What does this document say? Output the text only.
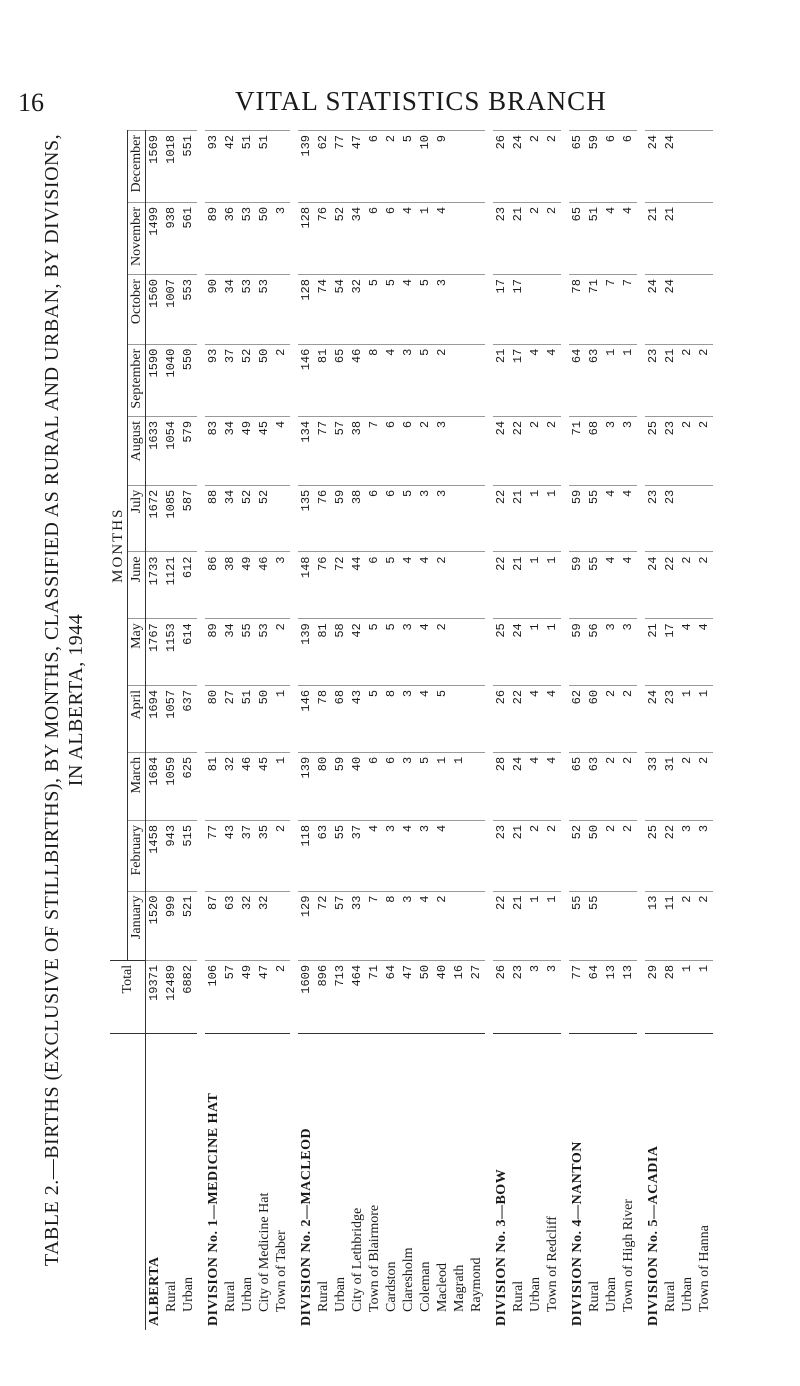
16	VITAL STATISTICS BRANCH
TABLE 2.—BIRTHS (EXCLUSIVE OF STILLBIRTHS), BY MONTHS, CLASSIFIED AS RURAL AND URBAN, BY DIVISIONS, IN ALBERTA, 1944
	Total	MONTHS											
		January	February	March	April	May	June	July	August	September	October	November	December
ALBERTA	19371	1520	1458	1684	1694	1767	1733	1672	1633	1590	1560	1499	1569
Rural	12489	999	943	1059	1057	1153	1121	1085	1054	1040	1007	938	1018
Urban	6882	521	515	625	637	614	612	587	579	550	553	561	551

DIVISION No. 1—MEDICINE HAT	106	87	77	81	80	89	86	88	83	93	90	89	93
Rural	57	63	43	32	27	34	38	34	34	37	34	36	42
Urban	49	32	37	46	51	55	49	52	49	52	53	53	51
City of Medicine Hat	47	32	35	45	50	53	46	52	45	50	53	50	51
Town of Taber	2		2	1	1	2	3		4	2		3	

DIVISION No. 2—MACLEOD	1609	129	118	139	146	139	148	135	134	146	128	128	139
Rural	896	72	63	80	78	81	76	76	77	81	74	76	62
Urban	713	57	55	59	68	58	72	59	57	65	54	52	77
City of Lethbridge	464	33	37	40	43	42	44	38	38	46	32	34	47
Town of Blairmore	71	7	4	6	5	5	6	6	7	8	5	6	6
Cardston	64	8	3	6	8	5	5	6	6	4	5	6	2
Claresholm	47	3	4	3	3	3	4	5	6	3	4	4	5
Coleman	50	4	3	5	4	4	4	3	2	5	5	1	10
Macleod	40	2	4	1	5	2	2	3	3	2	3	4	9
Magrath	16			1									
Raymond	27												

DIVISION No. 3—BOW	26	22	23	28	26	25	22	22	24	21	17	23	26
Rural	23	21	21	24	22	24	21	21	22	17	17	21	24
Urban	3	1	2	4	4	1	1	1	2	4		2	2
Town of Redcliff	3	1	2	4	4	1	1	1	2	4		2	2

DIVISION No. 4—NANTON	77	55	52	65	62	59	59	59	71	64	78	65	65
Rural	64	55	50	63	60	56	55	55	68	63	71	51	59
Urban	13		2	2	2	3	4	4	3	1	7	4	6
Town of High River	13		2	2	2	3	4	4	3	1	7	4	6

DIVISION No. 5—ACADIA	29	13	25	33	24	21	24	23	25	23	24	21	24
Rural	28	11	22	31	23	17	22	23	23	21	24	21	24
Urban	1	2	3	2	1	4	2		2	2			
Town of Hanna	1	2	3	2	1	4	2		2	2			
